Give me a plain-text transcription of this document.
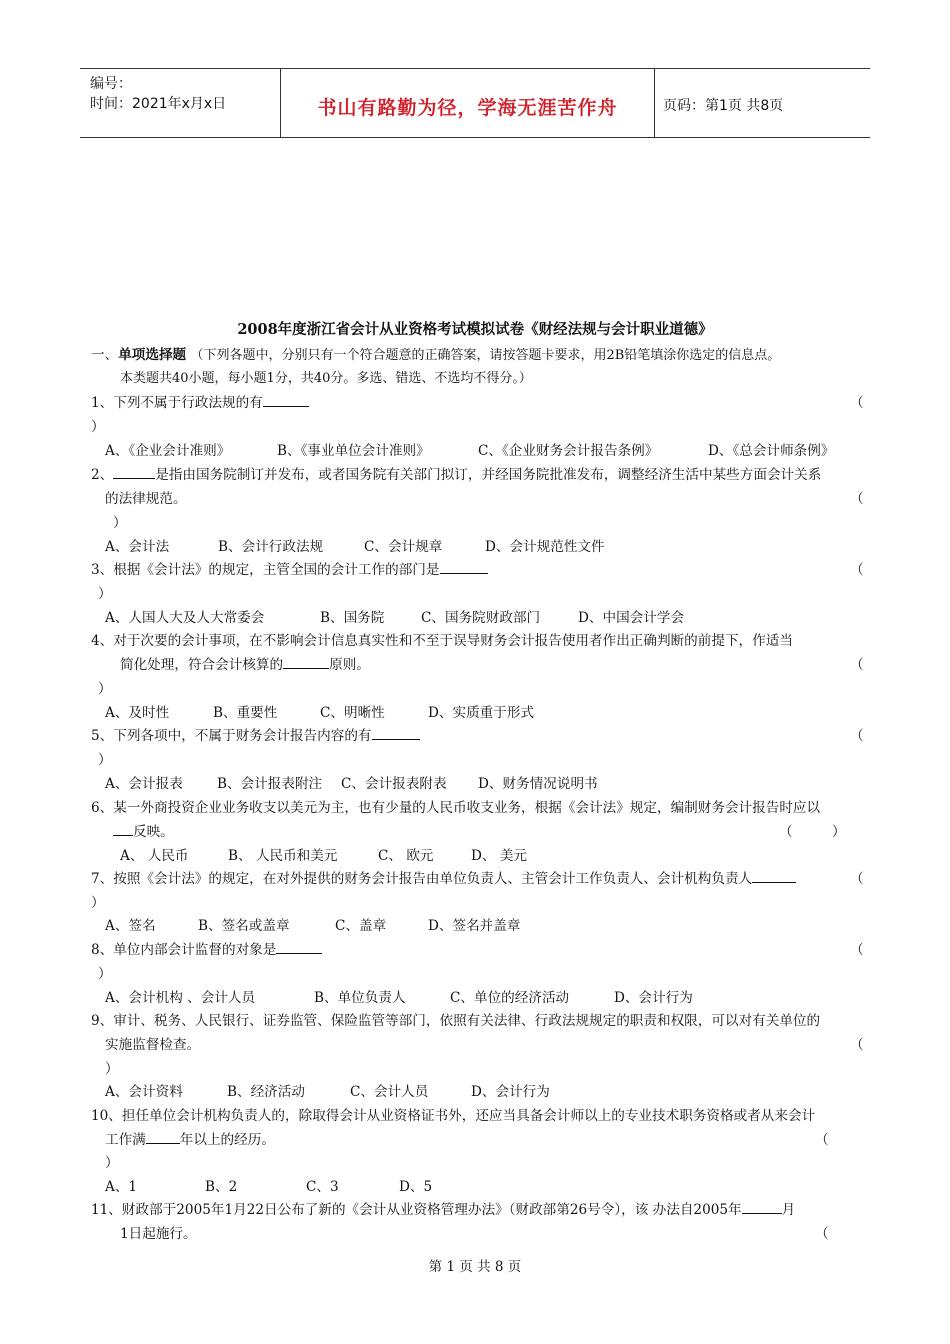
编号：
时间：2021年x月x日	书山有路勤为径，学海无涯苦作舟	页码：第1页 共8页
2008年度浙江省会计从业资格考试模拟试卷《财经法规与会计职业道德》
一、单项选择题 （下列各题中，分别只有一个符合题意的正确答案，请按答题卡要求，用2B铅笔填涂你选定的信息点。
本类题共40小题，每小题1分，共40分。多选、错选、不选均不得分。）
1、下列不属于行政法规的有	（
）
A、《企业会计准则》	B、《事业单位会计准则》	C、《企业财务会计报告条例》	D、《总会计师条例》
2、	是指由国务院制订并发布，或者国务院有关部门拟订，并经国务院批准发布，调整经济生活中某些方面会计关系
的法律规范。	（
）
A、会计法	B、会计行政法规	C、会计规章	D、会计规范性文件
3、根据《会计法》的规定，主管全国的会计工作的部门是	（
）
A、人国人大及人大常委会	B、国务院	C、国务院财政部门	D、中国会计学会
4、对于次要的会计事项，在不影响会计信息真实性和不至于误导财务会计报告使用者作出正确判断的前提下，作适当
简化处理，符合会计核算的	原则。	（
）
A、及时性	B、重要性	C、明晰性	D、实质重于形式
5、下列各项中，不属于财务会计报告内容的有	（
）
A、会计报表	B、会计报表附注 C、会计报表附表 D、财务情况说明书
6、某一外商投资企业业务收支以美元为主，也有少量的人民币收支业务，根据《会计法》规定，编制财务会计报告时应以
反映。	（	）
A、 人民币	B、 人民币和美元	C、 欧元	D、 美元
7、按照《会计法》的规定，在对外提供的财务会计报告由单位负责人、主管会计工作负责人、会计机构负责人	（
）
A、签名	B、签名或盖章	C、盖章	D、签名并盖章
8、单位内部会计监督的对象是	（
）
A、会计机构 、会计人员	B、单位负责人	C、单位的经济活动	D、会计行为
9、审计、税务、人民银行、证券监管、保险监管等部门，依照有关法律、行政法规规定的职责和权限，可以对有关单位的
实施监督检查。	（
）
A、会计资料	B、经济活动	C、会计人员	D、会计行为
10、担任单位会计机构负责人的，除取得会计从业资格证书外，还应当具备会计师以上的专业技术职务资格或者从来会计
工作满	年以上的经历。	（
）
A、1	B、2	C、3	D、5
11、财政部于2005年1月22日公布了新的《会计从业资格管理办法》（财政部第26号令），该 办法自2005年	月
1日起施行。	（
第 1 页 共 8 页
